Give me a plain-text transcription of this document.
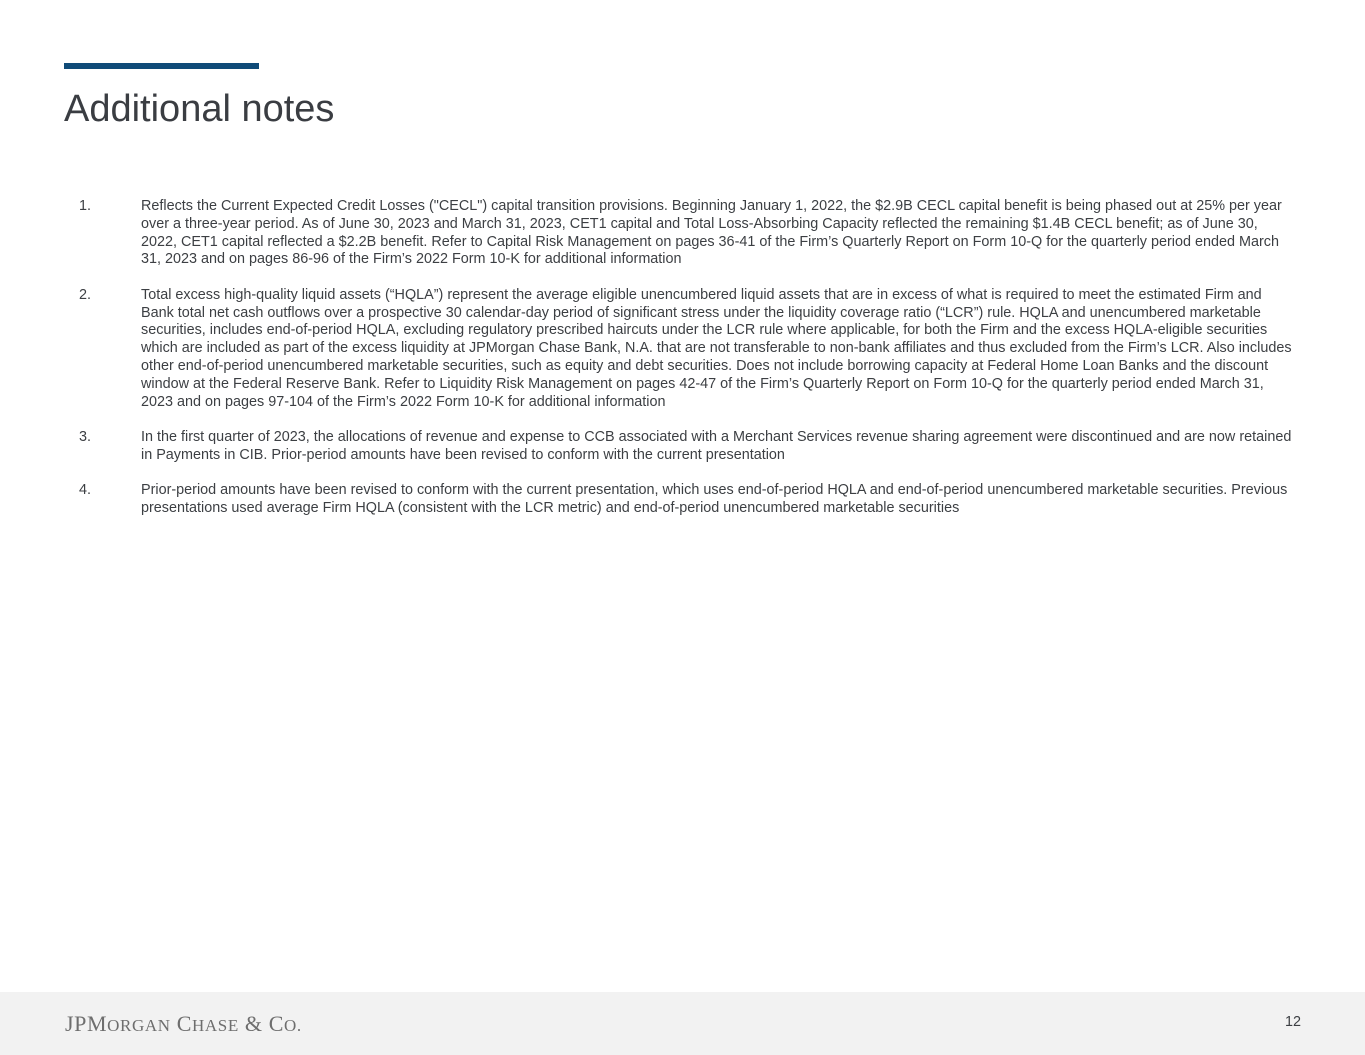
Additional notes
1.	Reflects the Current Expected Credit Losses ("CECL") capital transition provisions. Beginning January 1, 2022, the $2.9B CECL capital benefit is being phased out at 25% per year over a three-year period. As of June 30, 2023 and March 31, 2023, CET1 capital and Total Loss-Absorbing Capacity reflected the remaining $1.4B CECL benefit; as of June 30, 2022, CET1 capital reflected a $2.2B benefit. Refer to Capital Risk Management on pages 36-41 of the Firm’s Quarterly Report on Form 10-Q for the quarterly period ended March 31, 2023 and on pages 86-96 of the Firm’s 2022 Form 10-K for additional information
2.	Total excess high-quality liquid assets (“HQLA”) represent the average eligible unencumbered liquid assets that are in excess of what is required to meet the estimated Firm and Bank total net cash outflows over a prospective 30 calendar-day period of significant stress under the liquidity coverage ratio (“LCR”) rule. HQLA and unencumbered marketable securities, includes end-of-period HQLA, excluding regulatory prescribed haircuts under the LCR rule where applicable, for both the Firm and the excess HQLA-eligible securities which are included as part of the excess liquidity at JPMorgan Chase Bank, N.A. that are not transferable to non-bank affiliates and thus excluded from the Firm’s LCR. Also includes other end-of-period unencumbered marketable securities, such as equity and debt securities. Does not include borrowing capacity at Federal Home Loan Banks and the discount window at the Federal Reserve Bank. Refer to Liquidity Risk Management on pages 42-47 of the Firm’s Quarterly Report on Form 10-Q for the quarterly period ended March 31, 2023 and on pages 97-104 of the Firm’s 2022 Form 10-K for additional information
3.	In the first quarter of 2023, the allocations of revenue and expense to CCB associated with a Merchant Services revenue sharing agreement were discontinued and are now retained in Payments in CIB. Prior-period amounts have been revised to conform with the current presentation
4.	Prior-period amounts have been revised to conform with the current presentation, which uses end-of-period HQLA and end-of-period unencumbered marketable securities. Previous presentations used average Firm HQLA (consistent with the LCR metric) and end-of-period unencumbered marketable securities
JPMORGAN CHASE & CO.	12
